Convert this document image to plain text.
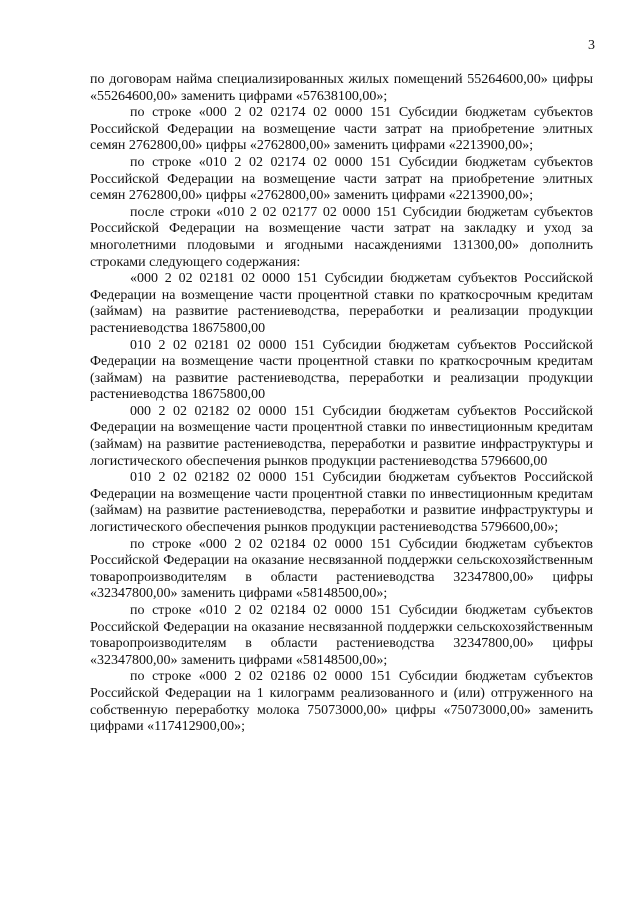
3

по договорам найма специализированных жилых помещений 55264600,00» цифры «55264600,00» заменить цифрами «57638100,00»;

по строке «000 2 02 02174 02 0000 151 Субсидии бюджетам субъектов Российской Федерации на возмещение части затрат на приобретение элитных семян 2762800,00» цифры «2762800,00» заменить цифрами «2213900,00»;

по строке «010 2 02 02174 02 0000 151 Субсидии бюджетам субъектов Российской Федерации на возмещение части затрат на приобретение элитных семян 2762800,00» цифры «2762800,00» заменить цифрами «2213900,00»;

после строки «010 2 02 02177 02 0000 151 Субсидии бюджетам субъектов Российской Федерации на возмещение части затрат на закладку и уход за многолетними плодовыми и ягодными насаждениями 131300,00» дополнить строками следующего содержания:

«000 2 02 02181 02 0000 151 Субсидии бюджетам субъектов Российской Федерации на возмещение части процентной ставки по краткосрочным кредитам (займам) на развитие растениеводства, переработки и реализации продукции растениеводства 18675800,00

010 2 02 02181 02 0000 151 Субсидии бюджетам субъектов Российской Федерации на возмещение части процентной ставки по краткосрочным кредитам (займам) на развитие растениеводства, переработки и реализации продукции растениеводства 18675800,00

000 2 02 02182 02 0000 151 Субсидии бюджетам субъектов Российской Федерации на возмещение части процентной ставки по инвестиционным кредитам (займам) на развитие растениеводства, переработки и развитие инфраструктуры и логистического обеспечения рынков продукции растениеводства 5796600,00

010 2 02 02182 02 0000 151 Субсидии бюджетам субъектов Российской Федерации на возмещение части процентной ставки по инвестиционным кредитам (займам) на развитие растениеводства, переработки и развитие инфраструктуры и логистического обеспечения рынков продукции растениеводства 5796600,00»;

по строке «000 2 02 02184 02 0000 151 Субсидии бюджетам субъектов Российской Федерации на оказание несвязанной поддержки сельскохозяйственным товаропроизводителям в области растениеводства 32347800,00» цифры «32347800,00» заменить цифрами «58148500,00»;

по строке «010 2 02 02184 02 0000 151 Субсидии бюджетам субъектов Российской Федерации на оказание несвязанной поддержки сельскохозяйственным товаропроизводителям в области растениеводства 32347800,00» цифры «32347800,00» заменить цифрами «58148500,00»;

по строке «000 2 02 02186 02 0000 151 Субсидии бюджетам субъектов Российской Федерации на 1 килограмм реализованного и (или) отгруженного на собственную переработку молока 75073000,00» цифры «75073000,00» заменить цифрами «117412900,00»;
